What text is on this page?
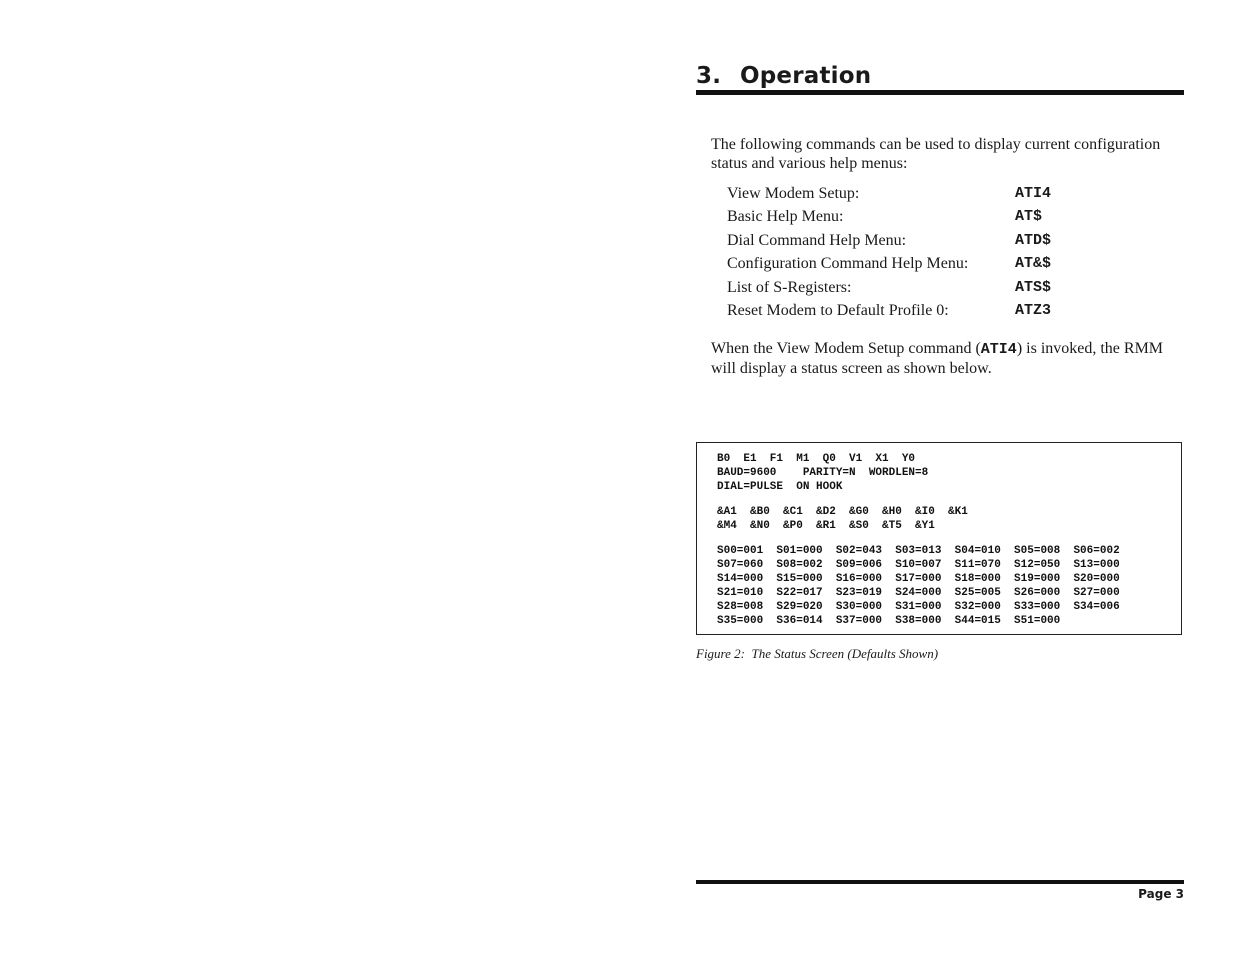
3. Operation

The following commands can be used to display current configuration status and various help menus:

View Modem Setup:	ATI4
Basic Help Menu:	AT$
Dial Command Help Menu:	ATD$
Configuration Command Help Menu:	AT&$
List of S-Registers:	ATS$
Reset Modem to Default Profile 0:	ATZ3

When the View Modem Setup command (ATI4) is invoked, the RMM will display a status screen as shown below.

B0  E1  F1  M1  Q0  V1  X1  Y0
BAUD=9600    PARITY=N  WORDLEN=8
DIAL=PULSE  ON HOOK
&A1  &B0  &C1  &D2  &G0  &H0  &I0  &K1
&M4  &N0  &P0  &R1  &S0  &T5  &Y1
S00=001  S01=000  S02=043  S03=013  S04=010  S05=008  S06=002
S07=060  S08=002  S09=006  S10=007  S11=070  S12=050  S13=000
S14=000  S15=000  S16=000  S17=000  S18=000  S19=000  S20=000
S21=010  S22=017  S23=019  S24=000  S25=005  S26=000  S27=000
S28=008  S29=020  S30=000  S31=000  S32=000  S33=000  S34=006
S35=000  S36=014  S37=000  S38=000  S44=015  S51=000

Figure 2:  The Status Screen (Defaults Shown)

Page 3
